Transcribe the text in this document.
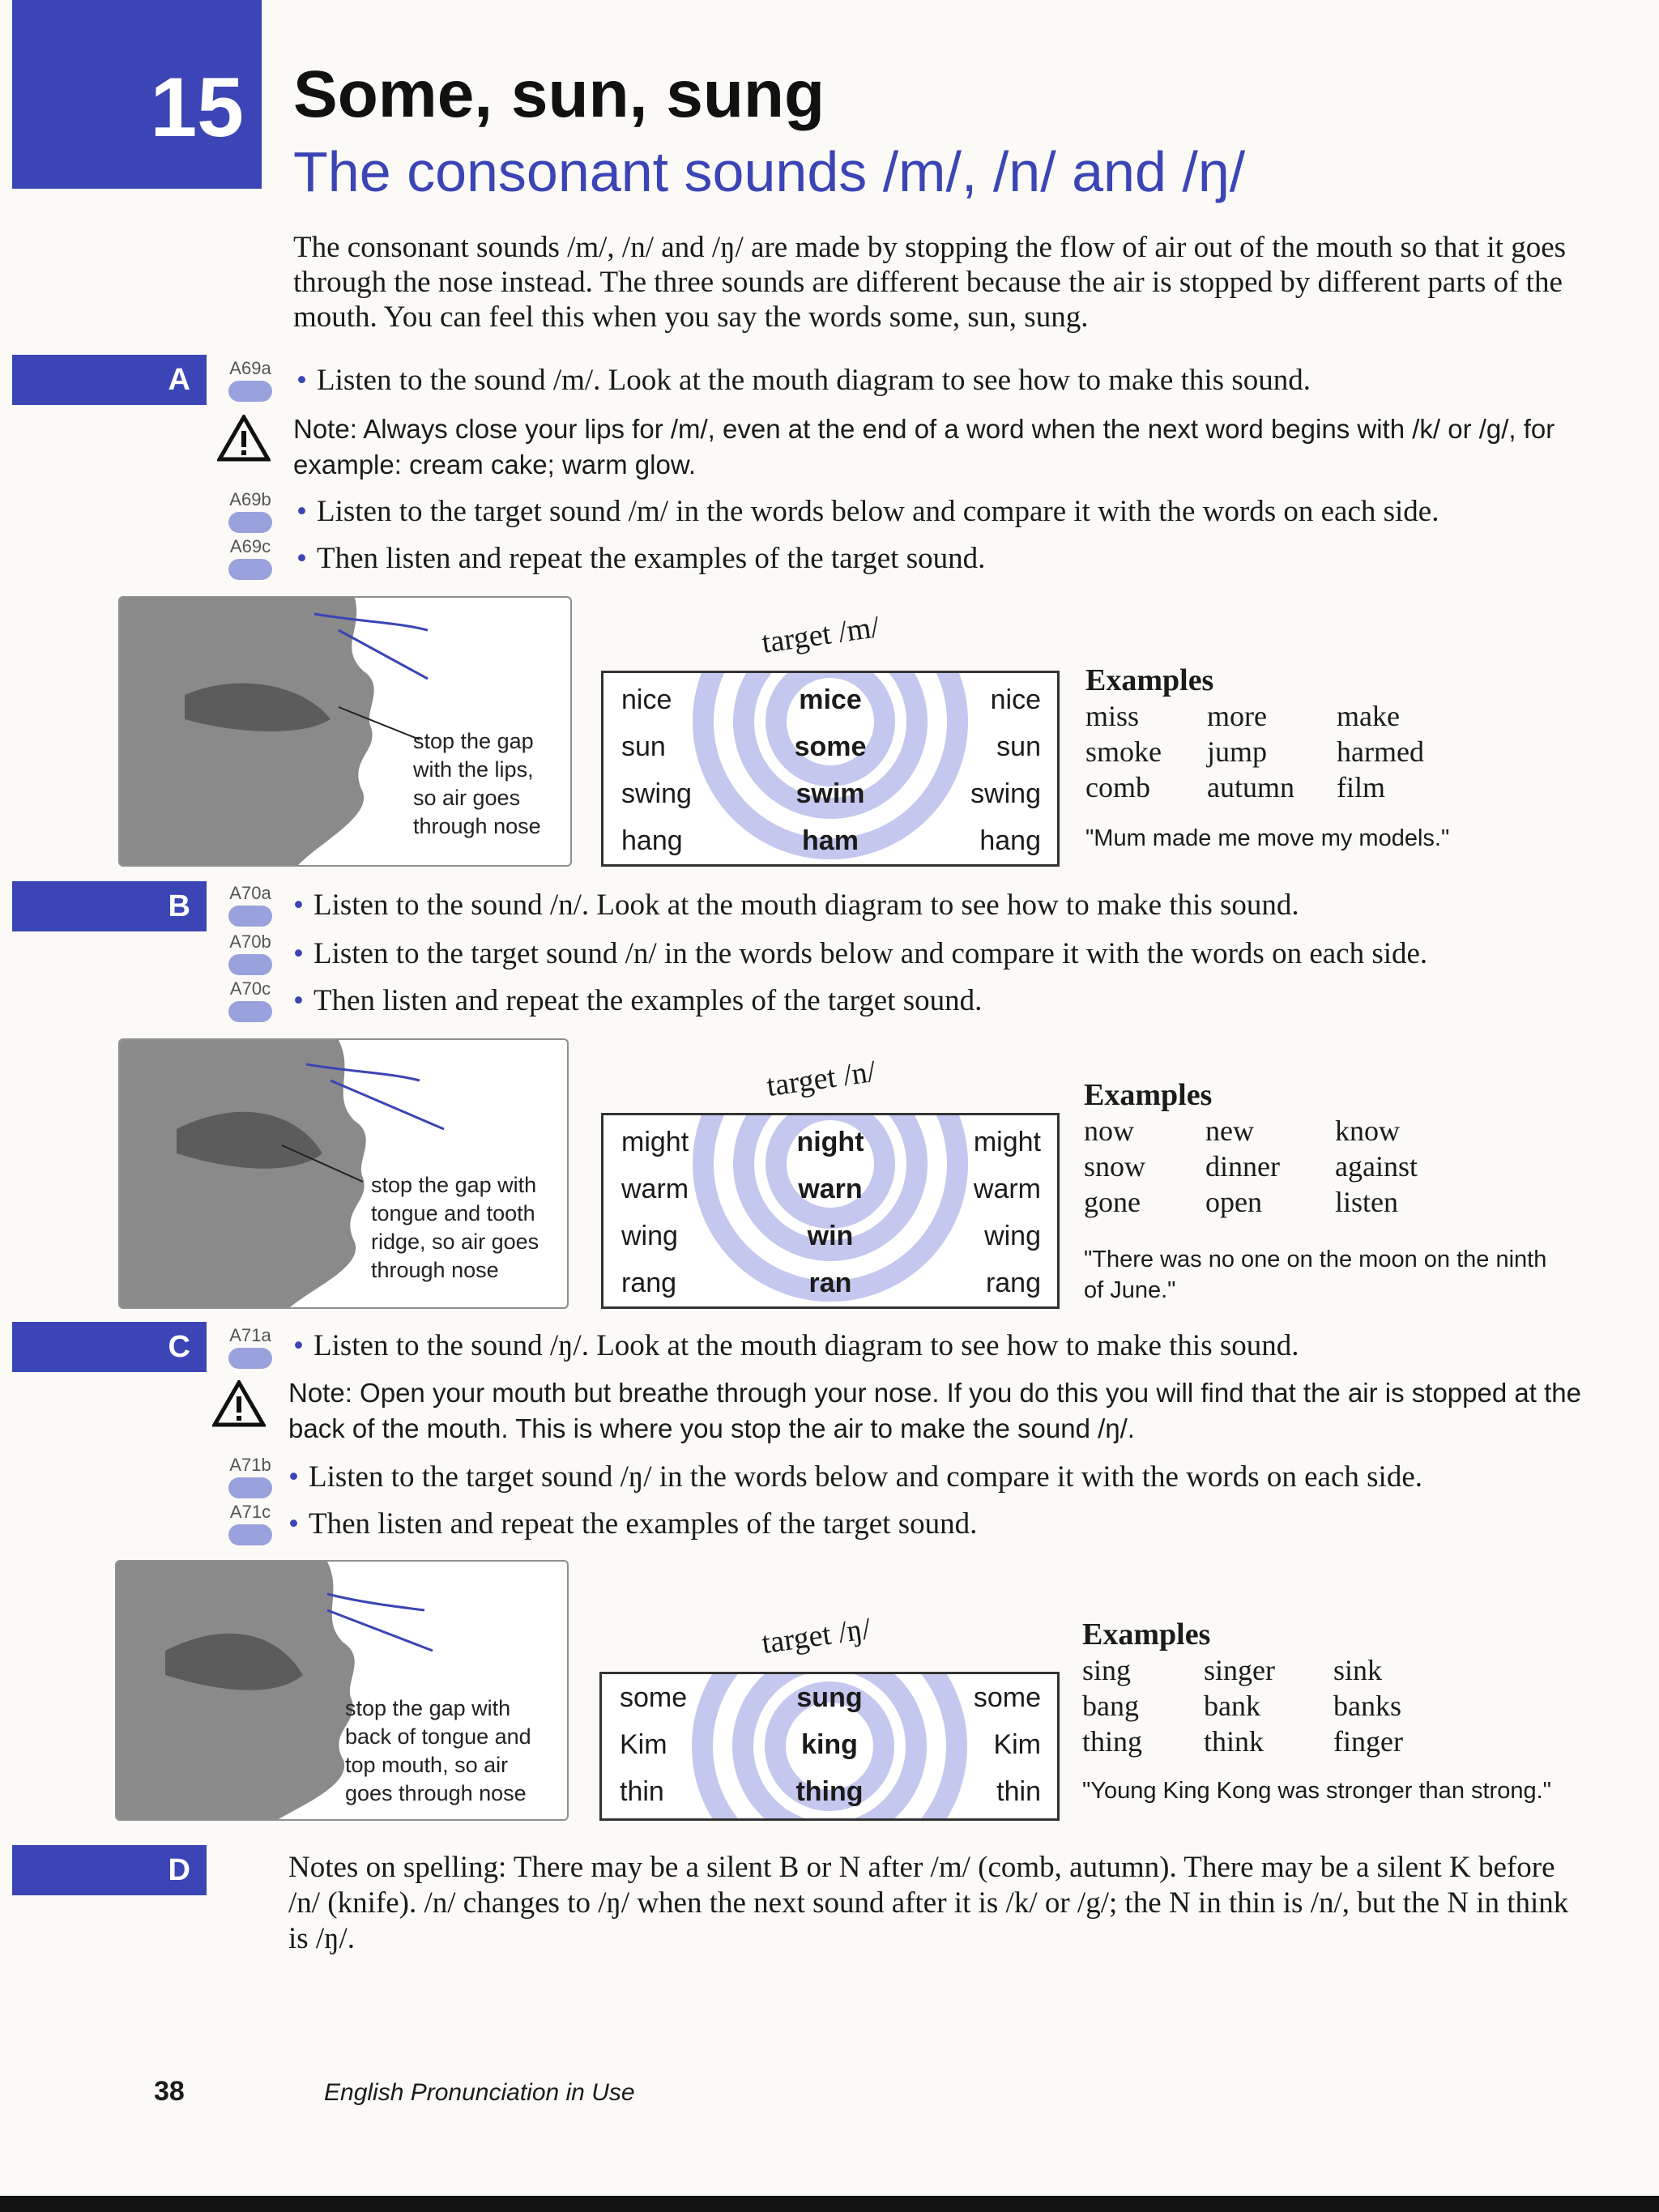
15 Some, sun, sung
The consonant sounds /m/, /n/ and /ŋ/
The consonant sounds /m/, /n/ and /ŋ/ are made by stopping the flow of air out of the mouth so that it goes through the nose instead. The three sounds are different because the air is stopped by different parts of the mouth. You can feel this when you say the words some, sun, sung.
A	A69a • Listen to the sound /m/. Look at the mouth diagram to see how to make this sound.
Note: Always close your lips for /m/, even at the end of a word when the next word begins with /k/ or /g/, for example: cream cake; warm glow.
A69b • Listen to the target sound /m/ in the words below and compare it with the words on each side.
A69c • Then listen and repeat the examples of the target sound.
stop the gap with the lips, so air goes through nose
target /m/
nice	mice	nice
sun	some	sun
swing	swim	swing
hang	ham	hang
Examples
miss more make
smoke jump harmed
comb autumn film
"Mum made me move my models."
B	A70a • Listen to the sound /n/. Look at the mouth diagram to see how to make this sound.
A70b • Listen to the target sound /n/ in the words below and compare it with the words on each side.
A70c • Then listen and repeat the examples of the target sound.
stop the gap with tongue and tooth ridge, so air goes through nose
target /n/
might	night	might
warm	warn	warm
wing	win	wing
rang	ran	rang
Examples
now new	know
snow dinner against
gone open	listen
"There was no one on the moon on the ninth of June."
C	A71a • Listen to the sound /ŋ/. Look at the mouth diagram to see how to make this sound.
Note: Open your mouth but breathe through your nose. If you do this you will find that the air is stopped at the back of the mouth. This is where you stop the air to make the sound /ŋ/.
A71b • Listen to the target sound /ŋ/ in the words below and compare it with the words on each side.
A71c • Then listen and repeat the examples of the target sound.
stop the gap with back of tongue and top mouth, so air goes through nose
target /ŋ/
some	sung	some
Kim	king	Kim
thin	thing	thin
Examples
sing singer sink
bang bank	banks
thing think finger
"Young King Kong was stronger than strong."
D	Notes on spelling: There may be a silent B or N after /m/ (comb, autumn). There may be a silent K before /n/ (knife). /n/ changes to /ŋ/ when the next sound after it is /k/ or /g/; the N in thin is /n/, but the N in think is /ŋ/.
38	English Pronunciation in Use
